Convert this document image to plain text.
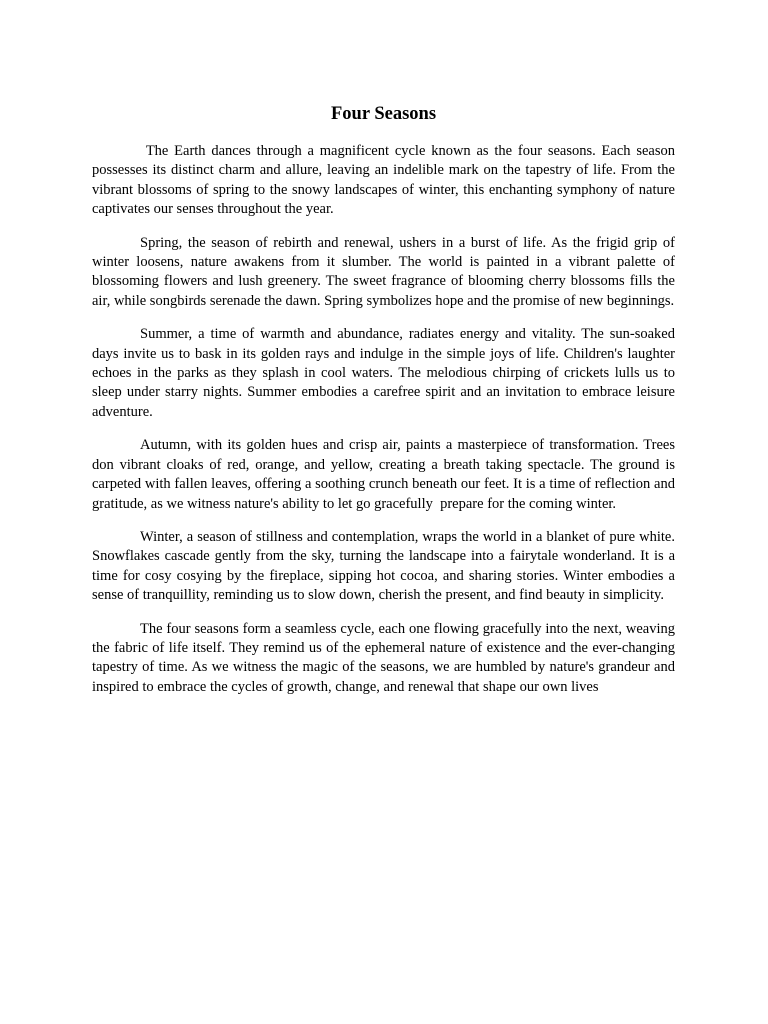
Four Seasons

The Earth dances through a magnificent cycle known as the four seasons. Each season possesses its distinct charm and allure, leaving an indelible mark on the tapestry of life. From the vibrant blossoms of spring to the snowy landscapes of winter, this enchanting symphony of nature captivates our senses throughout the year.

Spring, the season of rebirth and renewal, ushers in a burst of life. As the frigid grip of winter loosens, nature awakens from it slumber. The world is painted in a vibrant palette of blossoming flowers and lush greenery. The sweet fragrance of blooming cherry blossoms fills the air, while songbirds serenade the dawn. Spring symbolizes hope and the promise of new beginnings.

Summer, a time of warmth and abundance, radiates energy and vitality. The sun-soaked days invite us to bask in its golden rays and indulge in the simple joys of life. Children's laughter echoes in the parks as they splash in cool waters. The melodious chirping of crickets lulls us to sleep under starry nights. Summer embodies a carefree spirit and an invitation to embrace leisure adventure.

Autumn, with its golden hues and crisp air, paints a masterpiece of transformation. Trees don vibrant cloaks of red, orange, and yellow, creating a breath taking spectacle. The ground is carpeted with fallen leaves, offering a soothing crunch beneath our feet. It is a time of reflection and gratitude, as we witness nature's ability to let go gracefully  prepare for the coming winter.

Winter, a season of stillness and contemplation, wraps the world in a blanket of pure white. Snowflakes cascade gently from the sky, turning the landscape into a fairytale wonderland. It is a time for cosy cosying by the fireplace, sipping hot cocoa, and sharing stories. Winter embodies a sense of tranquillity, reminding us to slow down, cherish the present, and find beauty in simplicity.

The four seasons form a seamless cycle, each one flowing gracefully into the next, weaving the fabric of life itself. They remind us of the ephemeral nature of existence and the ever-changing tapestry of time. As we witness the magic of the seasons, we are humbled by nature's grandeur and inspired to embrace the cycles of growth, change, and renewal that shape our own lives
